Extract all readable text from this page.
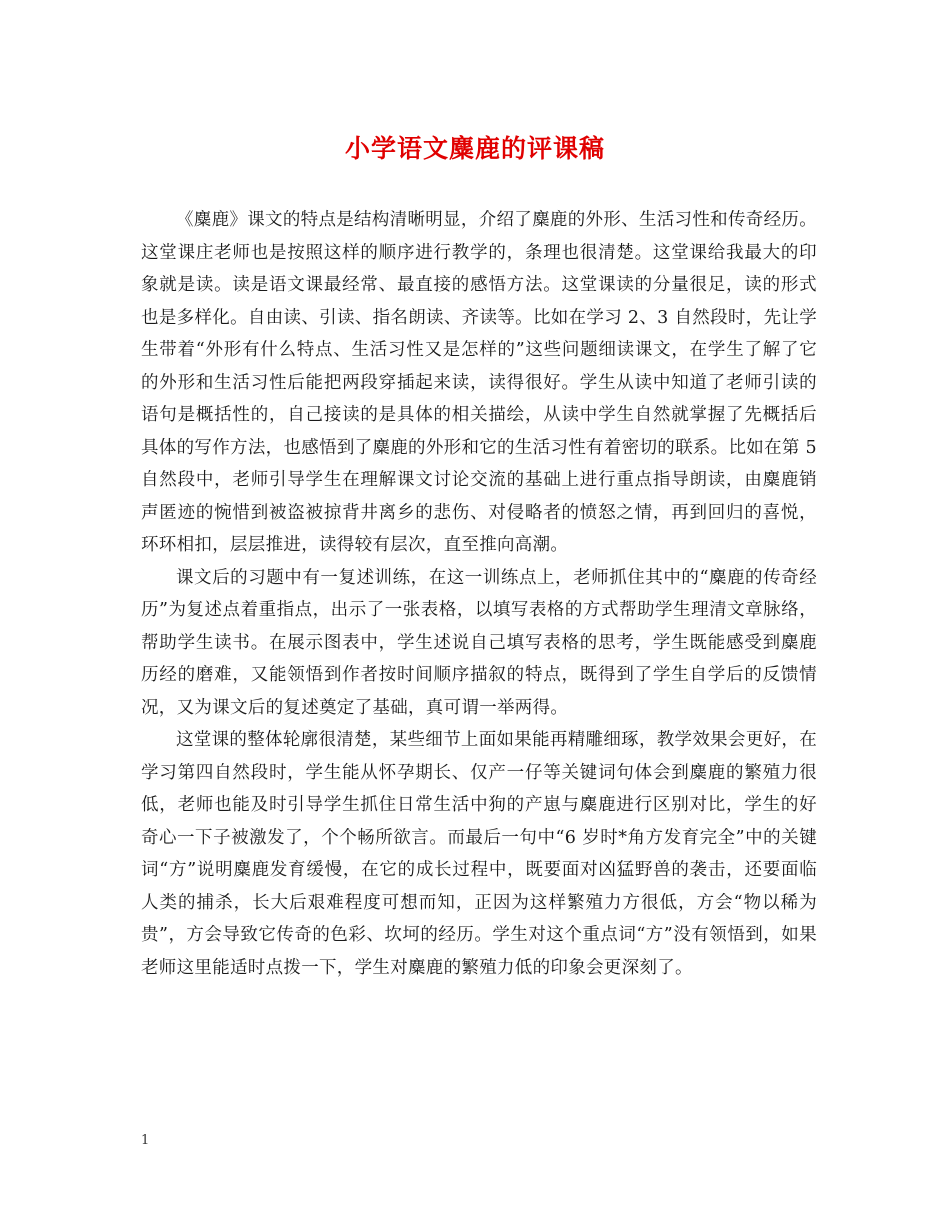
小学语文麋鹿的评课稿

《麋鹿》课文的特点是结构清晰明显，介绍了麋鹿的外形、生活习性和传奇经历。这堂课庄老师也是按照这样的顺序进行教学的，条理也很清楚。这堂课给我最大的印象就是读。读是语文课最经常、最直接的感悟方法。这堂课读的分量很足，读的形式也是多样化。自由读、引读、指名朗读、齐读等。比如在学习 2、3 自然段时，先让学生带着“外形有什么特点、生活习性又是怎样的”这些问题细读课文，在学生了解了它的外形和生活习性后能把两段穿插起来读，读得很好。学生从读中知道了老师引读的语句是概括性的，自己接读的是具体的相关描绘，从读中学生自然就掌握了先概括后具体的写作方法，也感悟到了麋鹿的外形和它的生活习性有着密切的联系。比如在第 5 自然段中，老师引导学生在理解课文讨论交流的基础上进行重点指导朗读，由麋鹿销声匿迹的惋惜到被盗被掠背井离乡的悲伤、对侵略者的愤怒之情，再到回归的喜悦，环环相扣，层层推进，读得较有层次，直至推向高潮。

课文后的习题中有一复述训练，在这一训练点上，老师抓住其中的“麋鹿的传奇经历”为复述点着重指点，出示了一张表格，以填写表格的方式帮助学生理清文章脉络，帮助学生读书。在展示图表中，学生述说自己填写表格的思考，学生既能感受到麋鹿历经的磨难，又能领悟到作者按时间顺序描叙的特点，既得到了学生自学后的反馈情况，又为课文后的复述奠定了基础，真可谓一举两得。

这堂课的整体轮廓很清楚，某些细节上面如果能再精雕细琢，教学效果会更好，在学习第四自然段时，学生能从怀孕期长、仅产一仔等关键词句体会到麋鹿的繁殖力很低，老师也能及时引导学生抓住日常生活中狗的产崽与麋鹿进行区别对比，学生的好奇心一下子被激发了，个个畅所欲言。而最后一句中“6 岁时*角方发育完全”中的关键词“方”说明麋鹿发育缓慢，在它的成长过程中，既要面对凶猛野兽的袭击，还要面临人类的捕杀，长大后艰难程度可想而知，正因为这样繁殖力方很低，方会“物以稀为贵”，方会导致它传奇的色彩、坎坷的经历。学生对这个重点词“方”没有领悟到，如果老师这里能适时点拨一下，学生对麋鹿的繁殖力低的印象会更深刻了。

1
